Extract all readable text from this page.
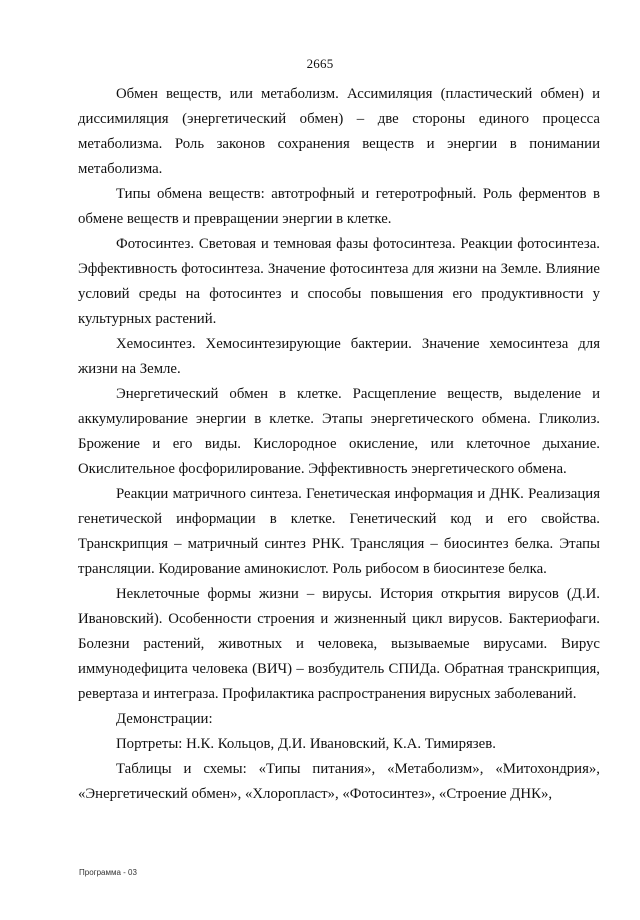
2665

Обмен веществ, или метаболизм. Ассимиляция (пластический обмен) и диссимиляция (энергетический обмен) – две стороны единого процесса метаболизма. Роль законов сохранения веществ и энергии в понимании метаболизма.

Типы обмена веществ: автотрофный и гетеротрофный. Роль ферментов в обмене веществ и превращении энергии в клетке.

Фотосинтез. Световая и темновая фазы фотосинтеза. Реакции фотосинтеза. Эффективность фотосинтеза. Значение фотосинтеза для жизни на Земле. Влияние условий среды на фотосинтез и способы повышения его продуктивности у культурных растений.

Хемосинтез. Хемосинтезирующие бактерии. Значение хемосинтеза для жизни на Земле.

Энергетический обмен в клетке. Расщепление веществ, выделение и аккумулирование энергии в клетке. Этапы энергетического обмена. Гликолиз. Брожение и его виды. Кислородное окисление, или клеточное дыхание. Окислительное фосфорилирование. Эффективность энергетического обмена.

Реакции матричного синтеза. Генетическая информация и ДНК. Реализация генетической информации в клетке. Генетический код и его свойства. Транскрипция – матричный синтез РНК. Трансляция – биосинтез белка. Этапы трансляции. Кодирование аминокислот. Роль рибосом в биосинтезе белка.

Неклеточные формы жизни – вирусы. История открытия вирусов (Д.И. Ивановский). Особенности строения и жизненный цикл вирусов. Бактериофаги. Болезни растений, животных и человека, вызываемые вирусами. Вирус иммунодефицита человека (ВИЧ) – возбудитель СПИДа. Обратная транскрипция, ревертаза и интеграза. Профилактика распространения вирусных заболеваний.

Демонстрации:

Портреты: Н.К. Кольцов, Д.И. Ивановский, К.А. Тимирязев.

Таблицы и схемы: «Типы питания», «Метаболизм», «Митохондрия», «Энергетический обмен», «Хлоропласт», «Фотосинтез», «Строение ДНК»,

Программа - 03
